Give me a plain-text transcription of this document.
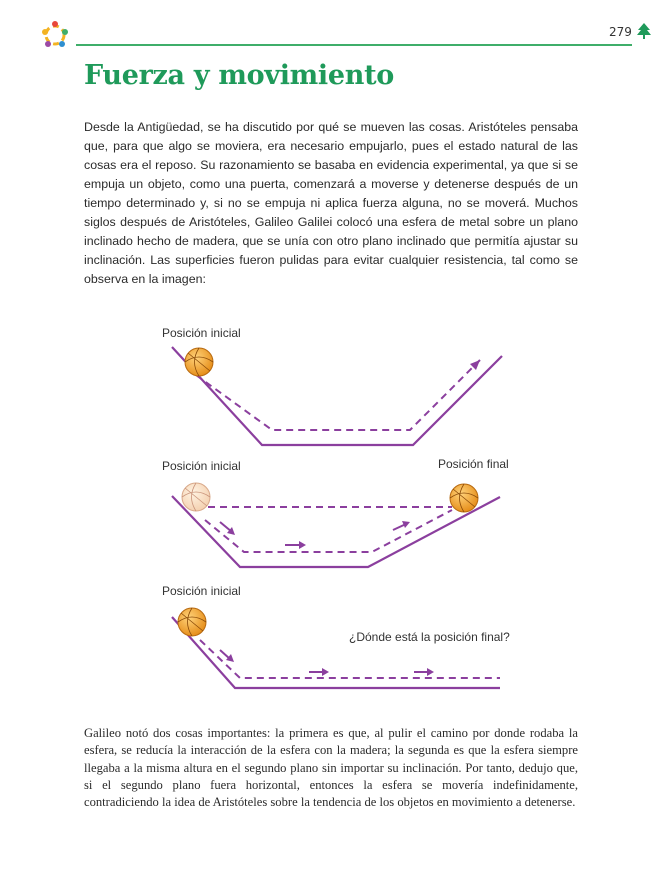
279
Fuerza y movimiento

Desde la Antigüedad, se ha discutido por qué se mueven las cosas. Aristóteles pensaba que, para que algo se moviera, era necesario empujarlo, pues el estado natural de las cosas era el reposo. Su razonamiento se basaba en evidencia experimental, ya que si se empuja un objeto, como una puerta, comenzará a moverse y detenerse después de un tiempo determinado y, si no se empuja ni aplica fuerza alguna, no se moverá. Muchos siglos después de Aristóteles, Galileo Galilei colocó una esfera de metal sobre un plano inclinado hecho de madera, que se unía con otro plano inclinado que permitía ajustar su inclinación. Las superficies fueron pulidas para evitar cualquier resistencia, tal como se observa en la imagen:

Posición inicial
Posición inicial	Posición final
Posición inicial
¿Dónde está la posición final?

Galileo notó dos cosas importantes: la primera es que, al pulir el camino por donde rodaba la esfera, se reducía la interacción de la esfera con la madera; la segunda es que la esfera siempre llegaba a la misma altura en el segundo plano sin importar su inclinación. Por tanto, dedujo que, si el segundo plano fuera horizontal, entonces la esfera se movería indefinidamente, contradiciendo la idea de Aristóteles sobre la tendencia de los objetos en movimiento a detenerse.
